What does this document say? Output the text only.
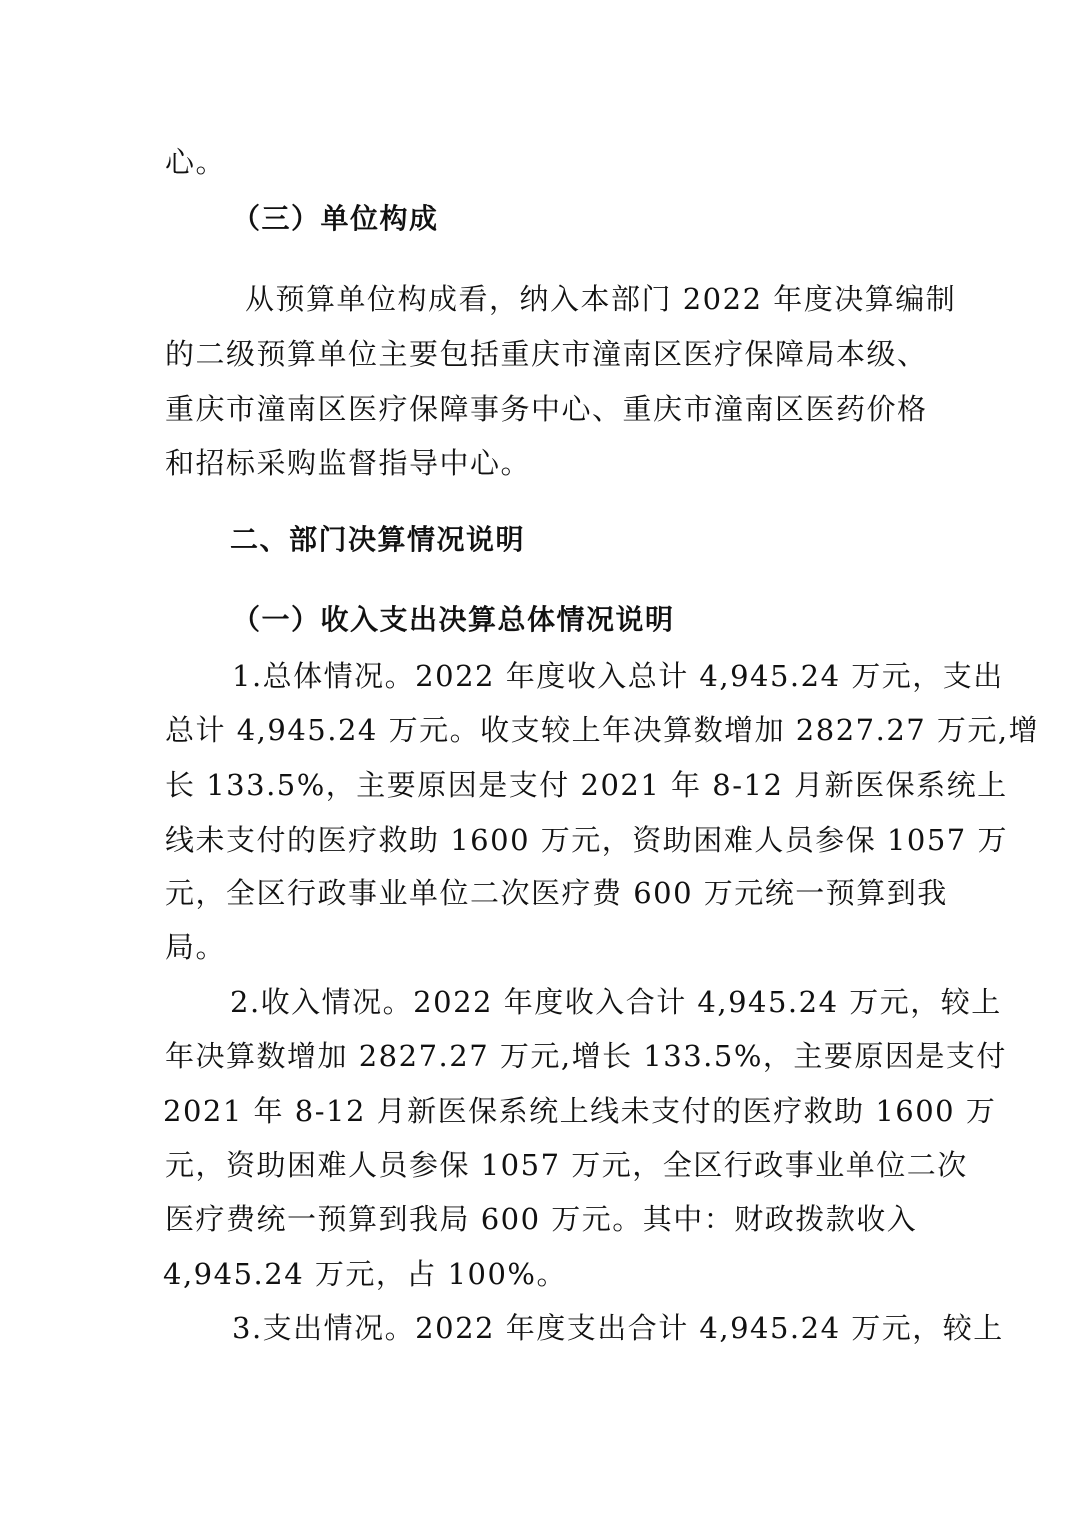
心。
（三）单位构成
从预算单位构成看，纳入本部门 2022 年度决算编制
的二级预算单位主要包括重庆市潼南区医疗保障局本级、
重庆市潼南区医疗保障事务中心、重庆市潼南区医药价格
和招标采购监督指导中心。
二、部门决算情况说明
（一）收入支出决算总体情况说明
1.总体情况。2022 年度收入总计 4,945.24 万元，支出
总计 4,945.24 万元。收支较上年决算数增加 2827.27 万元,增
长 133.5%，主要原因是支付 2021 年 8-12 月新医保系统上
线未支付的医疗救助 1600 万元，资助困难人员参保 1057 万
元，全区行政事业单位二次医疗费 600 万元统一预算到我
局。
2.收入情况。2022 年度收入合计 4,945.24 万元，较上
年决算数增加 2827.27 万元,增长 133.5%，主要原因是支付
2021 年 8-12 月新医保系统上线未支付的医疗救助 1600 万
元，资助困难人员参保 1057 万元，全区行政事业单位二次
医疗费统一预算到我局 600 万元。其中：财政拨款收入
4,945.24 万元，占 100%。
3.支出情况。2022 年度支出合计 4,945.24 万元，较上
